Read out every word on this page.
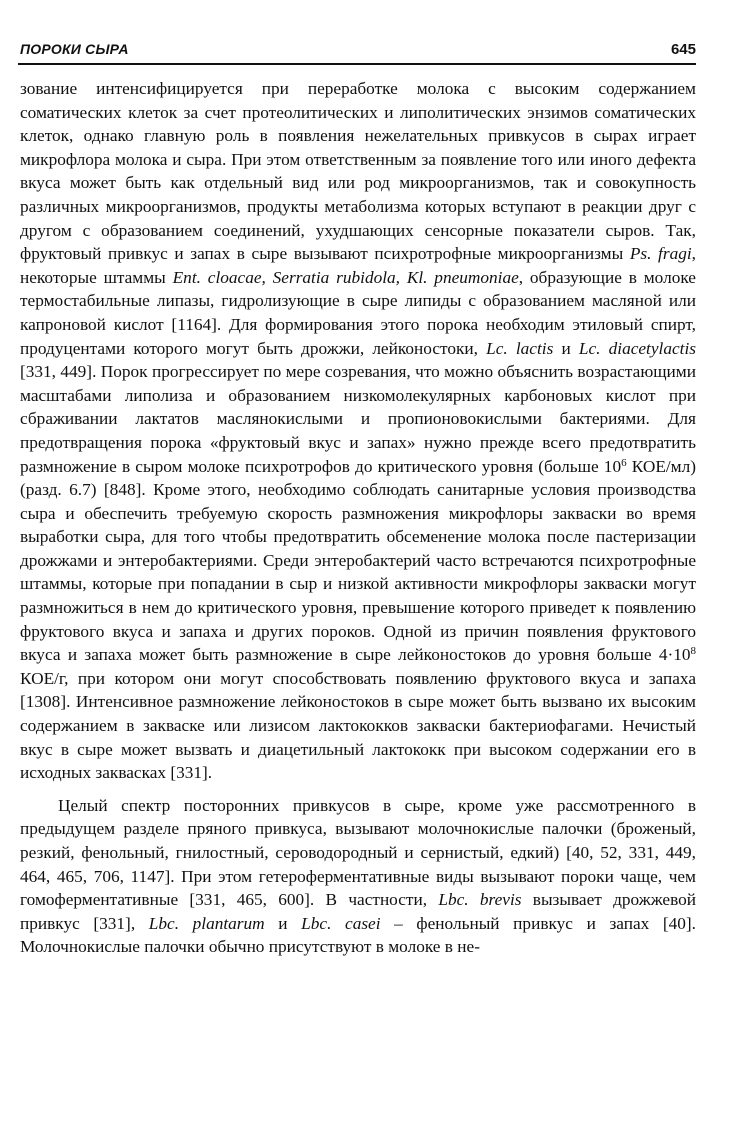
ПОРОКИ СЫРА	645

зование интенсифицируется при переработке молока с высоким содержанием соматических клеток за счет протеолитических и липолитических энзимов соматических клеток, однако главную роль в появления нежелательных привкусов в сырах играет микрофлора молока и сыра. При этом ответственным за появление того или иного дефекта вкуса может быть как отдельный вид или род микроорганизмов, так и совокупность различных микроорганизмов, продукты метаболизма которых вступают в реакции друг с другом с образованием соединений, ухудшающих сенсорные показатели сыров. Так, фруктовый привкус и запах в сыре вызывают психротрофные микроорганизмы Ps. fragi, некоторые штаммы Ent. cloacae, Serratia rubidola, Kl. pneumoniae, образующие в молоке термостабильные липазы, гидролизующие в сыре липиды с образованием масляной или капроновой кислот [1164]. Для формирования этого порока необходим этиловый спирт, продуцентами которого могут быть дрожжи, лейконостоки, Lc. lactis и Lc. diacetylactis [331, 449]. Порок прогрессирует по мере созревания, что можно объяснить возрастающими масштабами липолиза и образованием низкомолекулярных карбоновых кислот при сбраживании лактатов маслянокислыми и пропионовокислыми бактериями. Для предотвращения порока «фруктовый вкус и запах» нужно прежде всего предотвратить размножение в сыром молоке психротрофов до критического уровня (больше $10^6$ КОЕ/мл) (разд. 6.7) [848]. Кроме этого, необходимо соблюдать санитарные условия производства сыра и обеспечить требуемую скорость размножения микрофлоры закваски во время выработки сыра, для того чтобы предотвратить обсеменение молока после пастеризации дрожжами и энтеробактериями. Среди энтеробактерий часто встречаются психротрофные штаммы, которые при попадании в сыр и низкой активности микрофлоры закваски могут размножиться в нем до критического уровня, превышение которого приведет к появлению фруктового вкуса и запаха и других пороков. Одной из причин появления фруктового вкуса и запаха может быть размножение в сыре лейконостоков до уровня больше $4\cdot 10^8$ КОЕ/г, при котором они могут способствовать появлению фруктового вкуса и запаха [1308]. Интенсивное размножение лейконостоков в сыре может быть вызвано их высоким содержанием в закваске или лизисом лактококков закваски бактериофагами. Нечистый вкус в сыре может вызвать и диацетильный лактококк при высоком содержании его в исходных заквасках [331].

Целый спектр посторонних привкусов в сыре, кроме уже рассмотренного в предыдущем разделе пряного привкуса, вызывают молочнокислые палочки (броженый, резкий, фенольный, гнилостный, сероводородный и сернистый, едкий) [40, 52, 331, 449, 464, 465, 706, 1147]. При этом гетероферментативные виды вызывают пороки чаще, чем гомоферментативные [331, 465, 600]. В частности, Lbc. brevis вызывает дрожжевой привкус [331], Lbc. plantarum и Lbc. casei – фенольный привкус и запах [40]. Молочнокислые палочки обычно присутствуют в молоке в не-
